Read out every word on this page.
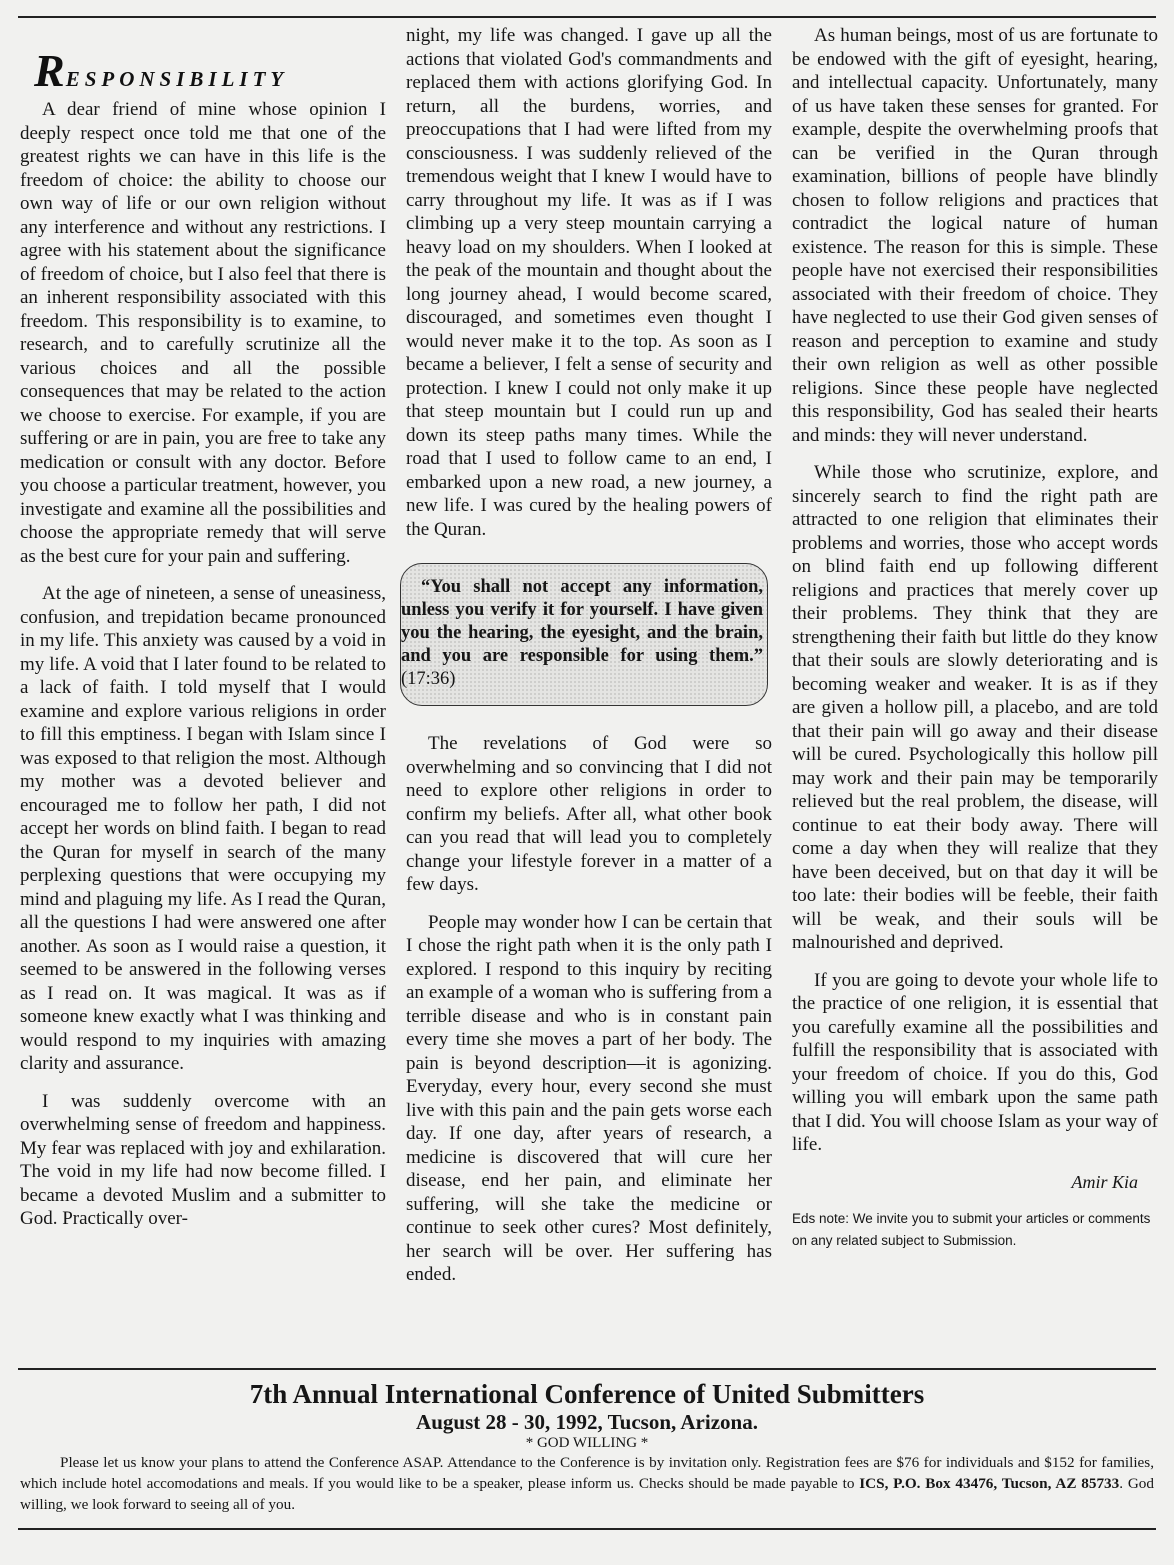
RESPONSIBILITY

A dear friend of mine whose opinion I deeply respect once told me that one of the greatest rights we can have in this life is the freedom of choice: the ability to choose our own way of life or our own religion without any interference and without any restrictions. I agree with his statement about the significance of freedom of choice, but I also feel that there is an inherent responsibility associated with this freedom. This responsibility is to examine, to research, and to carefully scrutinize all the various choices and all the possible consequences that may be related to the action we choose to exercise. For example, if you are suffering or are in pain, you are free to take any medication or consult with any doctor. Before you choose a particular treatment, however, you investigate and examine all the possibilities and choose the appropriate remedy that will serve as the best cure for your pain and suffering.

At the age of nineteen, a sense of uneasiness, confusion, and trepidation became pronounced in my life. This anxiety was caused by a void in my life. A void that I later found to be related to a lack of faith. I told myself that I would examine and explore various religions in order to fill this emptiness. I began with Islam since I was exposed to that religion the most. Although my mother was a devoted believer and encouraged me to follow her path, I did not accept her words on blind faith. I began to read the Quran for myself in search of the many perplexing questions that were occupying my mind and plaguing my life. As I read the Quran, all the questions I had were answered one after another. As soon as I would raise a question, it seemed to be answered in the following verses as I read on. It was magical. It was as if someone knew exactly what I was thinking and would respond to my inquiries with amazing clarity and assurance.

I was suddenly overcome with an overwhelming sense of freedom and happiness. My fear was replaced with joy and exhilaration. The void in my life had now become filled. I became a devoted Muslim and a submitter to God. Practically over-

night, my life was changed. I gave up all the actions that violated God's commandments and replaced them with actions glorifying God. In return, all the burdens, worries, and preoccupations that I had were lifted from my consciousness. I was suddenly relieved of the tremendous weight that I knew I would have to carry throughout my life. It was as if I was climbing up a very steep mountain carrying a heavy load on my shoulders. When I looked at the peak of the mountain and thought about the long journey ahead, I would become scared, discouraged, and sometimes even thought I would never make it to the top. As soon as I became a believer, I felt a sense of security and protection. I knew I could not only make it up that steep mountain but I could run up and down its steep paths many times. While the road that I used to follow came to an end, I embarked upon a new road, a new journey, a new life. I was cured by the healing powers of the Quran.

“You shall not accept any information, unless you verify it for yourself. I have given you the hearing, the eyesight, and the brain, and you are responsible for using them.” (17:36)

The revelations of God were so overwhelming and so convincing that I did not need to explore other religions in order to confirm my beliefs. After all, what other book can you read that will lead you to completely change your lifestyle forever in a matter of a few days.

People may wonder how I can be certain that I chose the right path when it is the only path I explored. I respond to this inquiry by reciting an example of a woman who is suffering from a terrible disease and who is in constant pain every time she moves a part of her body. The pain is beyond description—it is agonizing. Everyday, every hour, every second she must live with this pain and the pain gets worse each day. If one day, after years of research, a medicine is discovered that will cure her disease, end her pain, and eliminate her suffering, will she take the medicine or continue to seek other cures? Most definitely, her search will be over. Her suffering has ended.

As human beings, most of us are fortunate to be endowed with the gift of eyesight, hearing, and intellectual capacity. Unfortunately, many of us have taken these senses for granted. For example, despite the overwhelming proofs that can be verified in the Quran through examination, billions of people have blindly chosen to follow religions and practices that contradict the logical nature of human existence. The reason for this is simple. These people have not exercised their responsibilities associated with their freedom of choice. They have neglected to use their God given senses of reason and perception to examine and study their own religion as well as other possible religions. Since these people have neglected this responsibility, God has sealed their hearts and minds: they will never understand.

While those who scrutinize, explore, and sincerely search to find the right path are attracted to one religion that eliminates their problems and worries, those who accept words on blind faith end up following different religions and practices that merely cover up their problems. They think that they are strengthening their faith but little do they know that their souls are slowly deteriorating and is becoming weaker and weaker. It is as if they are given a hollow pill, a placebo, and are told that their pain will go away and their disease will be cured. Psychologically this hollow pill may work and their pain may be temporarily relieved but the real problem, the disease, will continue to eat their body away. There will come a day when they will realize that they have been deceived, but on that day it will be too late: their bodies will be feeble, their faith will be weak, and their souls will be malnourished and deprived.

If you are going to devote your whole life to the practice of one religion, it is essential that you carefully examine all the possibilities and fulfill the responsibility that is associated with your freedom of choice. If you do this, God willing you will embark upon the same path that I did. You will choose Islam as your way of life.

Amir Kia

Eds note: We invite you to submit your articles or comments on any related subject to Submission.

7th Annual International Conference of United Submitters
August 28 - 30, 1992, Tucson, Arizona.
* GOD WILLING *
Please let us know your plans to attend the Conference ASAP. Attendance to the Conference is by invitation only. Registration fees are $76 for individuals and $152 for families, which include hotel accomodations and meals. If you would like to be a speaker, please inform us. Checks should be made payable to ICS, P.O. Box 43476, Tucson, AZ 85733. God willing, we look forward to seeing all of you.
